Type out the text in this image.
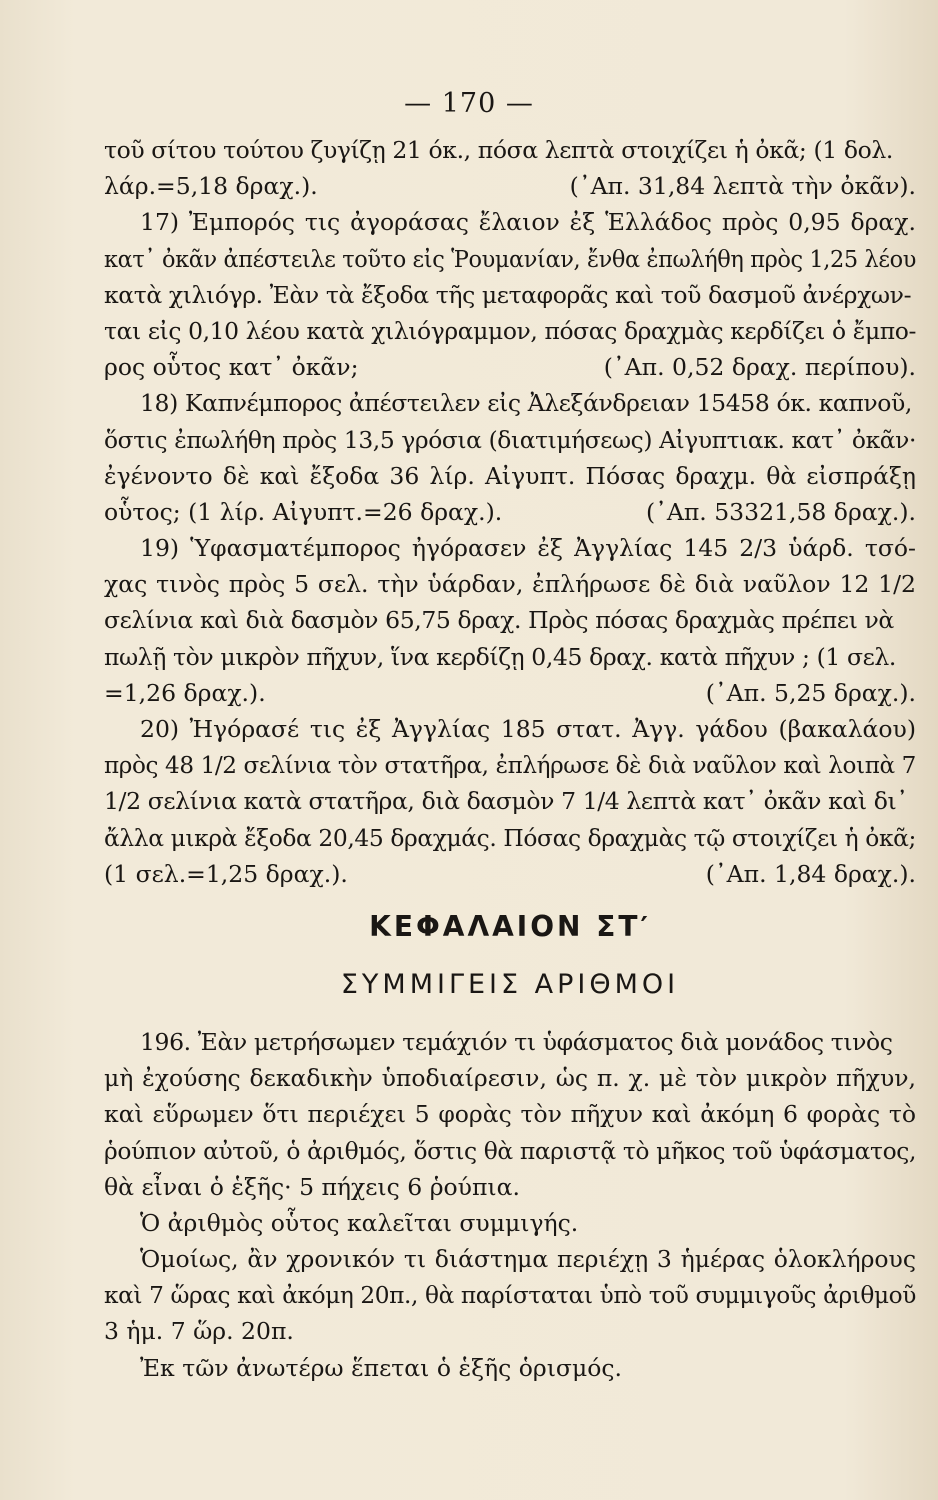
— 170 —
τοῦ σίτου τούτου ζυγίζῃ 21 όκ., πόσα λεπτὰ στοιχίζει ἡ ὀκᾶ; (1 δολ.
λάρ.=5,18 δραχ.).	(᾿Απ. 31,84 λεπτὰ τὴν ὀκᾶν).
17) Ἐμπορός τις ἀγοράσας ἔλαιον ἐξ Ἑλλάδος πρὸς 0,95 δραχ.
κατ᾿ ὀκᾶν ἀπέστειλε τοῦτο εἰς Ῥουμανίαν, ἔνθα ἐπωλήθη πρὸς 1,25 λέου
κατὰ χιλιόγρ. Ἐὰν τὰ ἔξοδα τῆς μεταφορᾶς καὶ τοῦ δασμοῦ ἀνέρχων-
ται εἰς 0,10 λέου κατὰ χιλιόγραμμον, πόσας δραχμὰς κερδίζει ὁ ἔμπο-
ρος οὗτος κατ᾿ ὀκᾶν;	(᾿Απ. 0,52 δραχ. περίπου).
18) Καπνέμπορος ἀπέστειλεν εἰς Ἀλεξάνδρειαν 15458 όκ. καπνοῦ,
ὅστις ἐπωλήθη πρὸς 13,5 γρόσια (διατιμήσεως) Αἰγυπτιακ. κατ᾿ ὀκᾶν·
ἐγένοντο δὲ καὶ ἔξοδα 36 λίρ. Αἰγυπτ. Πόσας δραχμ. θὰ εἰσπράξῃ
οὗτος; (1 λίρ. Αἰγυπτ.=26 δραχ.).	(᾿Απ. 53321,58 δραχ.).
19) Ὑφασματέμπορος ἠγόρασεν ἐξ Ἀγγλίας 145 2/3 ὑάρδ. τσό-
χας τινὸς πρὸς 5 σελ. τὴν ὑάρδαν, ἐπλήρωσε δὲ διὰ ναῦλον 12 1/2
σελίνια καὶ διὰ δασμὸν 65,75 δραχ. Πρὸς πόσας δραχμὰς πρέπει νὰ
πωλῇ τὸν μικρὸν πῆχυν, ἵνα κερδίζῃ 0,45 δραχ. κατὰ πῆχυν ; (1 σελ.
=1,26 δραχ.).	(᾿Απ. 5,25 δραχ.).
20) Ἠγόρασέ τις ἐξ Ἀγγλίας 185 στατ. Ἀγγ. γάδου (βακαλάου)
πρὸς 48 1/2 σελίνια τὸν στατῆρα, ἐπλήρωσε δὲ διὰ ναῦλον καὶ λοιπὰ 7
1/2 σελίνια κατὰ στατῆρα, διὰ δασμὸν 7 1/4 λεπτὰ κατ᾿ ὀκᾶν καὶ δι᾿
ἄλλα μικρὰ ἔξοδα 20,45 δραχμάς. Πόσας δραχμὰς τῷ στοιχίζει ἡ ὀκᾶ;
(1 σελ.=1,25 δραχ.).	(᾿Απ. 1,84 δραχ.).
ΚΕΦΑΛΑΙΟΝ ΣΤ′
ΣΥΜΜΙΓΕΙΣ ΑΡΙΘΜΟΙ
196. Ἐὰν μετρήσωμεν τεμάχιόν τι ὑφάσματος διὰ μονάδος τινὸς
μὴ ἐχούσης δεκαδικὴν ὑποδιαίρεσιν, ὡς π. χ. μὲ τὸν μικρὸν πῆχυν,
καὶ εὕρωμεν ὅτι περιέχει 5 φορὰς τὸν πῆχυν καὶ ἀκόμη 6 φορὰς τὸ
ῥούπιον αὐτοῦ, ὁ ἀριθμός, ὅστις θὰ παριστᾷ τὸ μῆκος τοῦ ὑφάσματος,
θὰ εἶναι ὁ ἑξῆς· 5 πήχεις 6 ῥούπια.
Ὁ ἀριθμὸς οὗτος καλεῖται συμμιγής.
Ὁμοίως, ἂν χρονικόν τι διάστημα περιέχῃ 3 ἡμέρας ὁλοκλήρους
καὶ 7 ὥρας καὶ ἀκόμη 20π., θὰ παρίσταται ὑπὸ τοῦ συμμιγοῦς ἀριθμοῦ
3 ἡμ. 7 ὥρ. 20π.
Ἐκ τῶν ἀνωτέρω ἕπεται ὁ ἑξῆς ὁρισμός.
